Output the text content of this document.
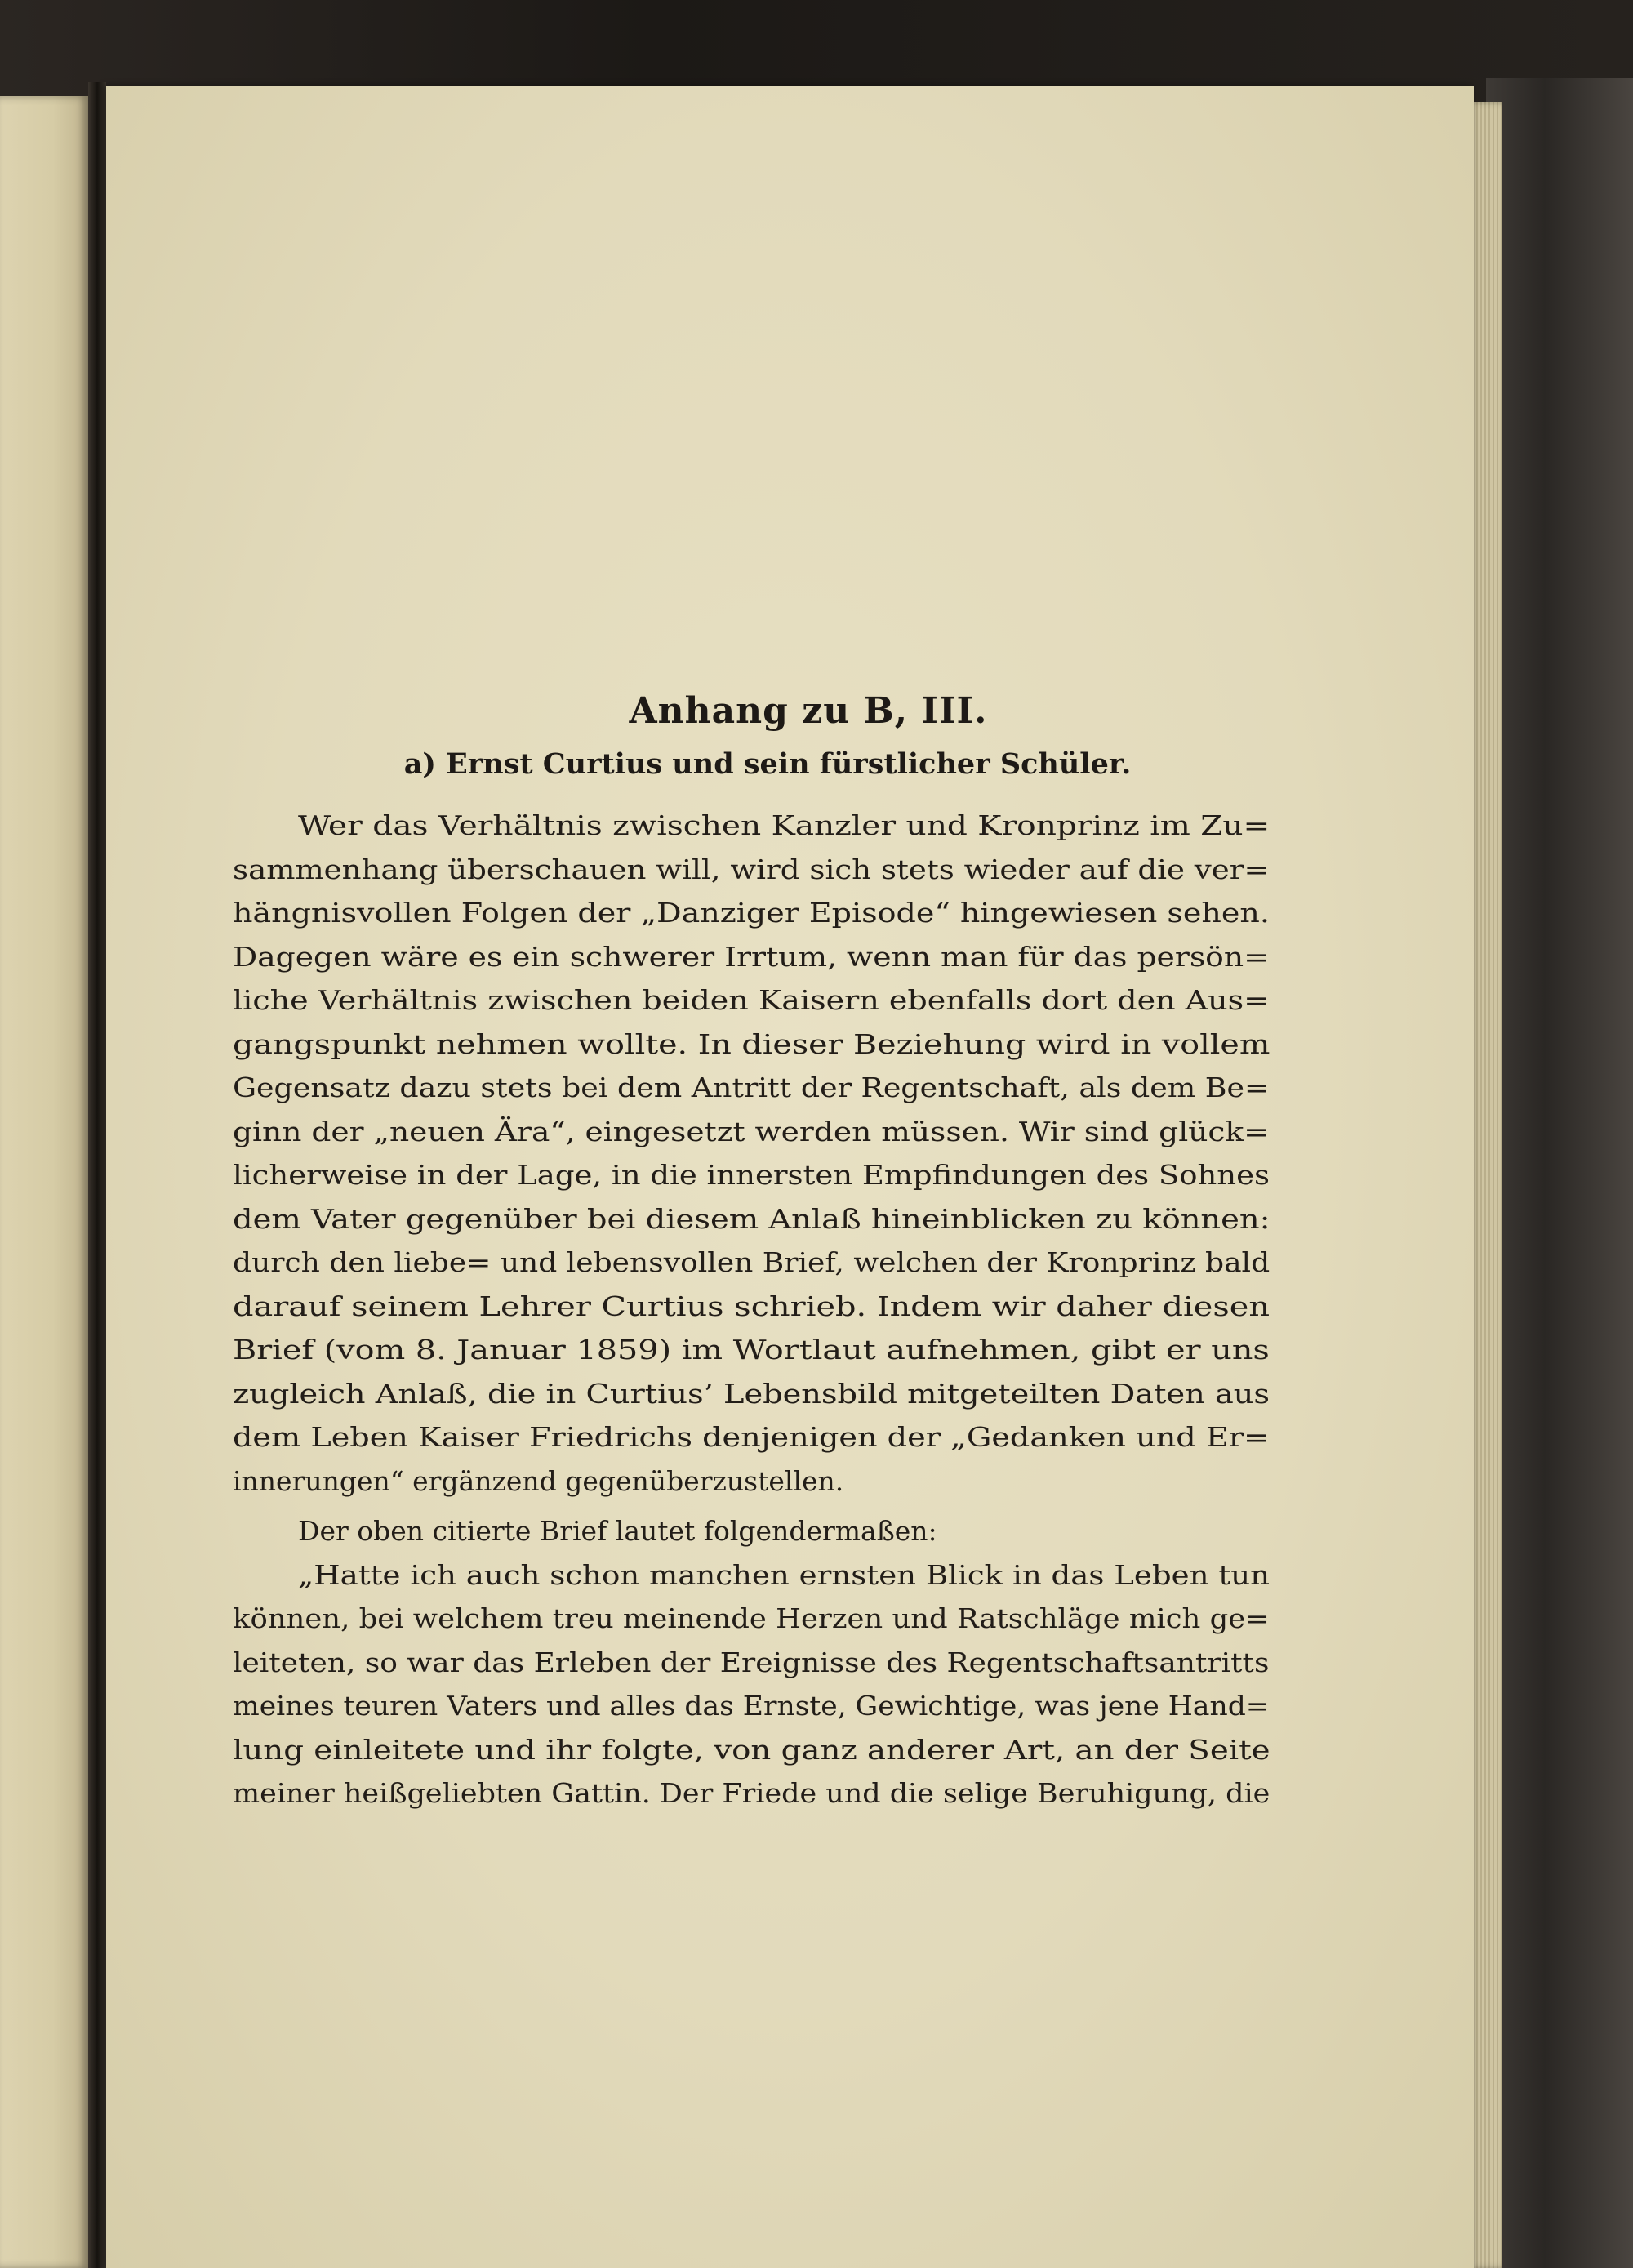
Anhang zu B, III.
a) Ernst Curtius und sein fürstlicher Schüler.
Wer das Verhältnis zwischen Kanzler und Kronprinz im Zu=
sammenhang überschauen will, wird sich stets wieder auf die ver=
hängnisvollen Folgen der „Danziger Episode“ hingewiesen sehen.
Dagegen wäre es ein schwerer Irrtum, wenn man für das persön=
liche Verhältnis zwischen beiden Kaisern ebenfalls dort den Aus=
gangspunkt nehmen wollte. In dieser Beziehung wird in vollem
Gegensatz dazu stets bei dem Antritt der Regentschaft, als dem Be=
ginn der „neuen Ära“, eingesetzt werden müssen. Wir sind glück=
licherweise in der Lage, in die innersten Empfindungen des Sohnes
dem Vater gegenüber bei diesem Anlaß hineinblicken zu können:
durch den liebe= und lebensvollen Brief, welchen der Kronprinz bald
darauf seinem Lehrer Curtius schrieb. Indem wir daher diesen
Brief (vom 8. Januar 1859) im Wortlaut aufnehmen, gibt er uns
zugleich Anlaß, die in Curtius’ Lebensbild mitgeteilten Daten aus
dem Leben Kaiser Friedrichs denjenigen der „Gedanken und Er=
innerungen“ ergänzend gegenüberzustellen.
Der oben citierte Brief lautet folgendermaßen:
„Hatte ich auch schon manchen ernsten Blick in das Leben tun
können, bei welchem treu meinende Herzen und Ratschläge mich ge=
leiteten, so war das Erleben der Ereignisse des Regentschaftsantritts
meines teuren Vaters und alles das Ernste, Gewichtige, was jene Hand=
lung einleitete und ihr folgte, von ganz anderer Art, an der Seite
meiner heißgeliebten Gattin. Der Friede und die selige Beruhigung, die
